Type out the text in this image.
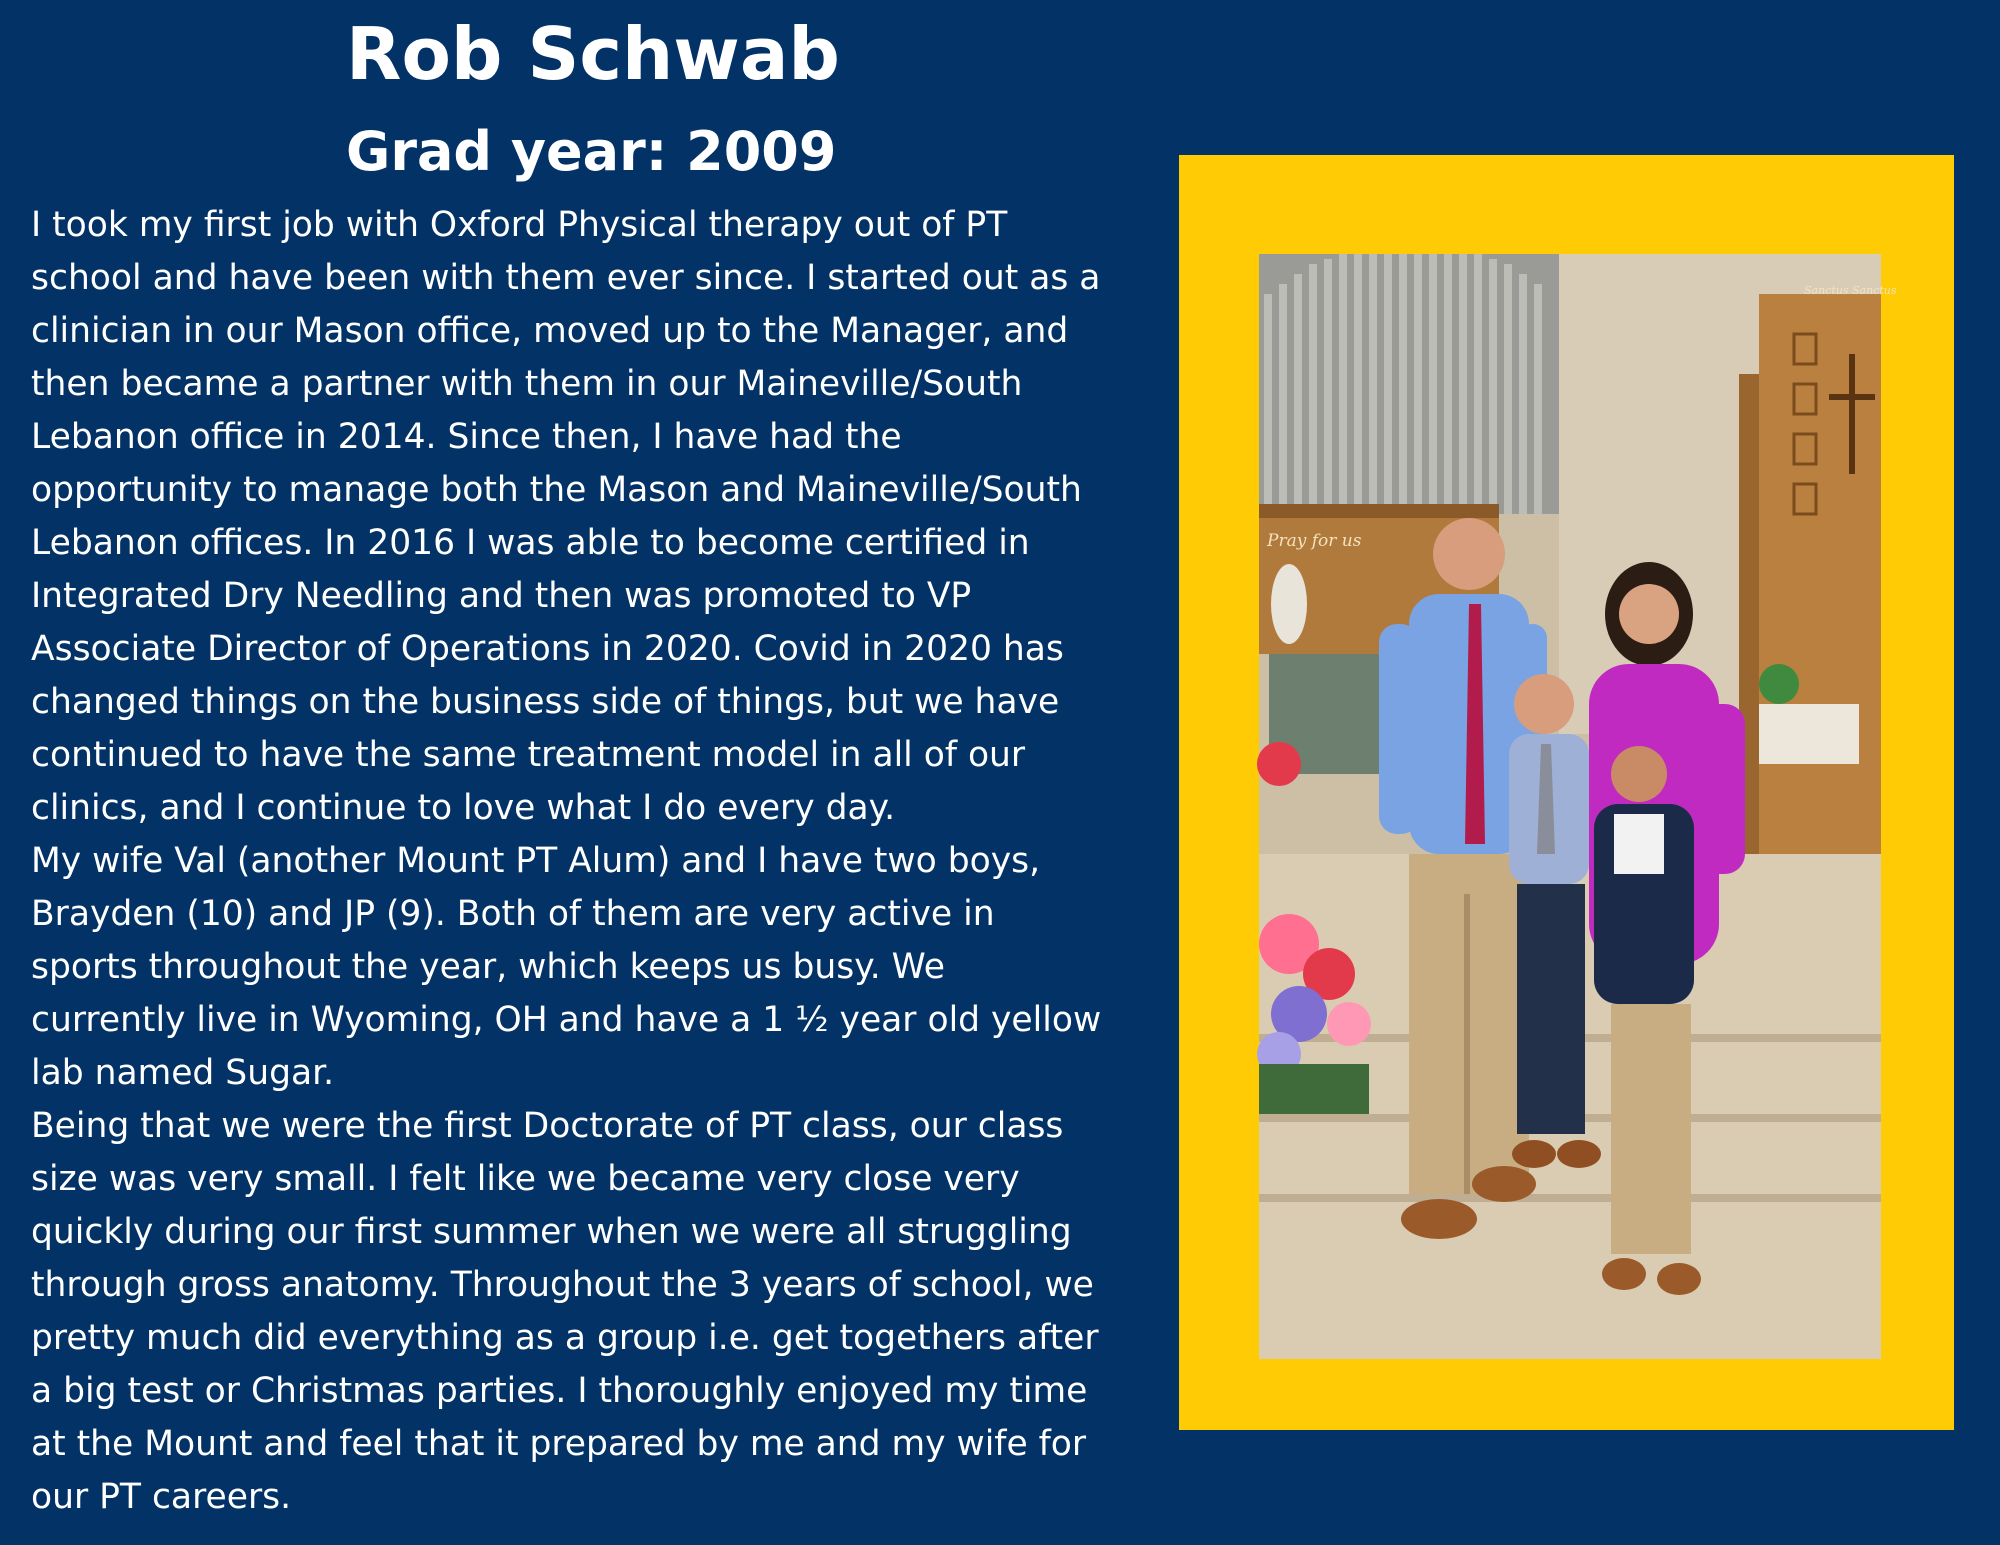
Rob Schwab
Grad year: 2009
I took my first job with Oxford Physical therapy out of PT
school and have been with them ever since. I started out as a
clinician in our Mason office, moved up to the Manager, and
then became a partner with them in our Maineville/South
Lebanon office in 2014. Since then, I have had the
opportunity to manage both the Mason and Maineville/South
Lebanon offices. In 2016 I was able to become certified in
Integrated Dry Needling and then was promoted to VP
Associate Director of Operations in 2020. Covid in 2020 has
changed things on the business side of things, but we have
continued to have the same treatment model in all of our
clinics, and I continue to love what I do every day.
My wife Val (another Mount PT Alum) and I have two boys,
Brayden (10) and JP (9). Both of them are very active in
sports throughout the year, which keeps us busy. We
currently live in Wyoming, OH and have a 1 ½ year old yellow
lab named Sugar.
Being that we were the first Doctorate of PT class, our class
size was very small. I felt like we became very close very
quickly during our first summer when we were all struggling
through gross anatomy. Throughout the 3 years of school, we
pretty much did everything as a group i.e. get togethers after
a big test or Christmas parties. I thoroughly enjoyed my time
at the Mount and feel that it prepared by me and my wife for
our PT careers.
Pray for us
Sanctus Sanctus
